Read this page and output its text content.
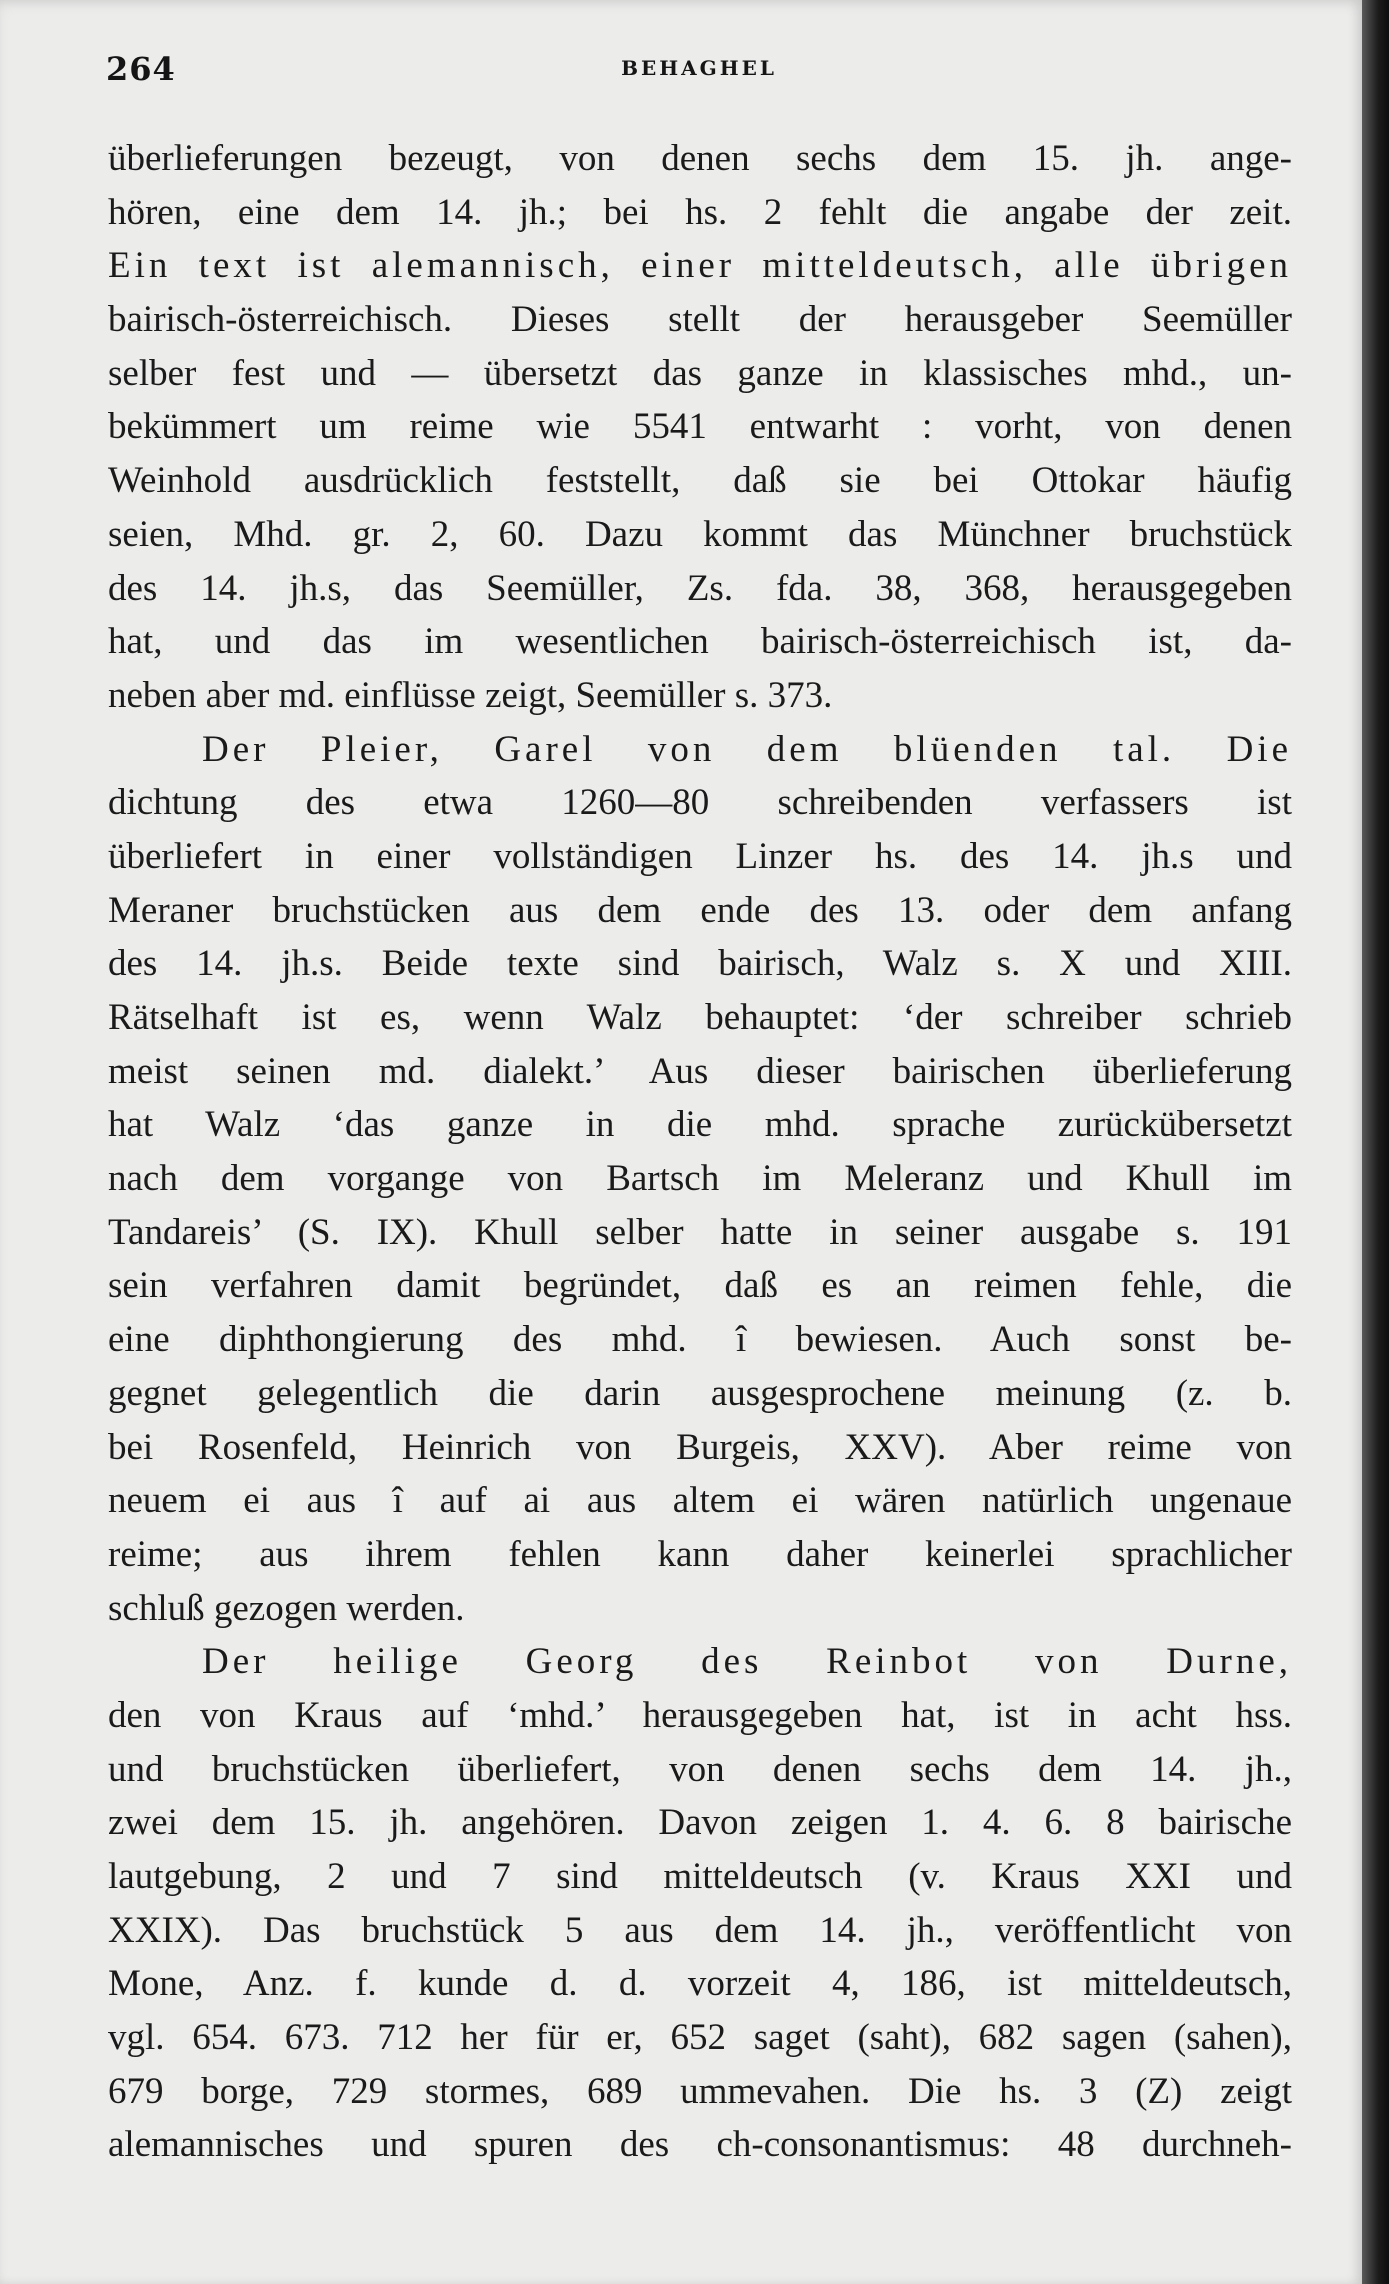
264	BEHAGHEL
überlieferungen bezeugt, von denen sechs dem 15. jh. ange-
hören, eine dem 14. jh.; bei hs. 2 fehlt die angabe der zeit.
Ein text ist alemannisch, einer mitteldeutsch, alle übrigen
bairisch-österreichisch. Dieses stellt der herausgeber Seemüller
selber fest und — übersetzt das ganze in klassisches mhd., un-
bekümmert um reime wie 5541 entwarht : vorht, von denen
Weinhold ausdrücklich feststellt, daß sie bei Ottokar häufig
seien, Mhd. gr. 2, 60. Dazu kommt das Münchner bruchstück
des 14. jh.s, das Seemüller, Zs. fda. 38, 368, herausgegeben
hat, und das im wesentlichen bairisch-österreichisch ist, da-
neben aber md. einflüsse zeigt, Seemüller s. 373.
Der Pleier, Garel von dem blüenden tal. Die
dichtung des etwa 1260—80 schreibenden verfassers ist
überliefert in einer vollständigen Linzer hs. des 14. jh.s und
Meraner bruchstücken aus dem ende des 13. oder dem anfang
des 14. jh.s. Beide texte sind bairisch, Walz s. X und XIII.
Rätselhaft ist es, wenn Walz behauptet: ‘der schreiber schrieb
meist seinen md. dialekt.’ Aus dieser bairischen überlieferung
hat Walz ‘das ganze in die mhd. sprache zurückübersetzt
nach dem vorgange von Bartsch im Meleranz und Khull im
Tandareis’ (S. IX). Khull selber hatte in seiner ausgabe s. 191
sein verfahren damit begründet, daß es an reimen fehle, die
eine diphthongierung des mhd. î bewiesen. Auch sonst be-
gegnet gelegentlich die darin ausgesprochene meinung (z. b.
bei Rosenfeld, Heinrich von Burgeis, XXV). Aber reime von
neuem ei aus î auf ai aus altem ei wären natürlich ungenaue
reime; aus ihrem fehlen kann daher keinerlei sprachlicher
schluß gezogen werden.
Der heilige Georg des Reinbot von Durne,
den von Kraus auf ‘mhd.’ herausgegeben hat, ist in acht hss.
und bruchstücken überliefert, von denen sechs dem 14. jh.,
zwei dem 15. jh. angehören. Davon zeigen 1. 4. 6. 8 bairische
lautgebung, 2 und 7 sind mitteldeutsch (v. Kraus XXI und
XXIX). Das bruchstück 5 aus dem 14. jh., veröffentlicht von
Mone, Anz. f. kunde d. d. vorzeit 4, 186, ist mitteldeutsch,
vgl. 654. 673. 712 her für er, 652 saget (saht), 682 sagen (sahen),
679 borge, 729 stormes, 689 ummevahen. Die hs. 3 (Z) zeigt
alemannisches und spuren des ch-consonantismus: 48 durchneh-
